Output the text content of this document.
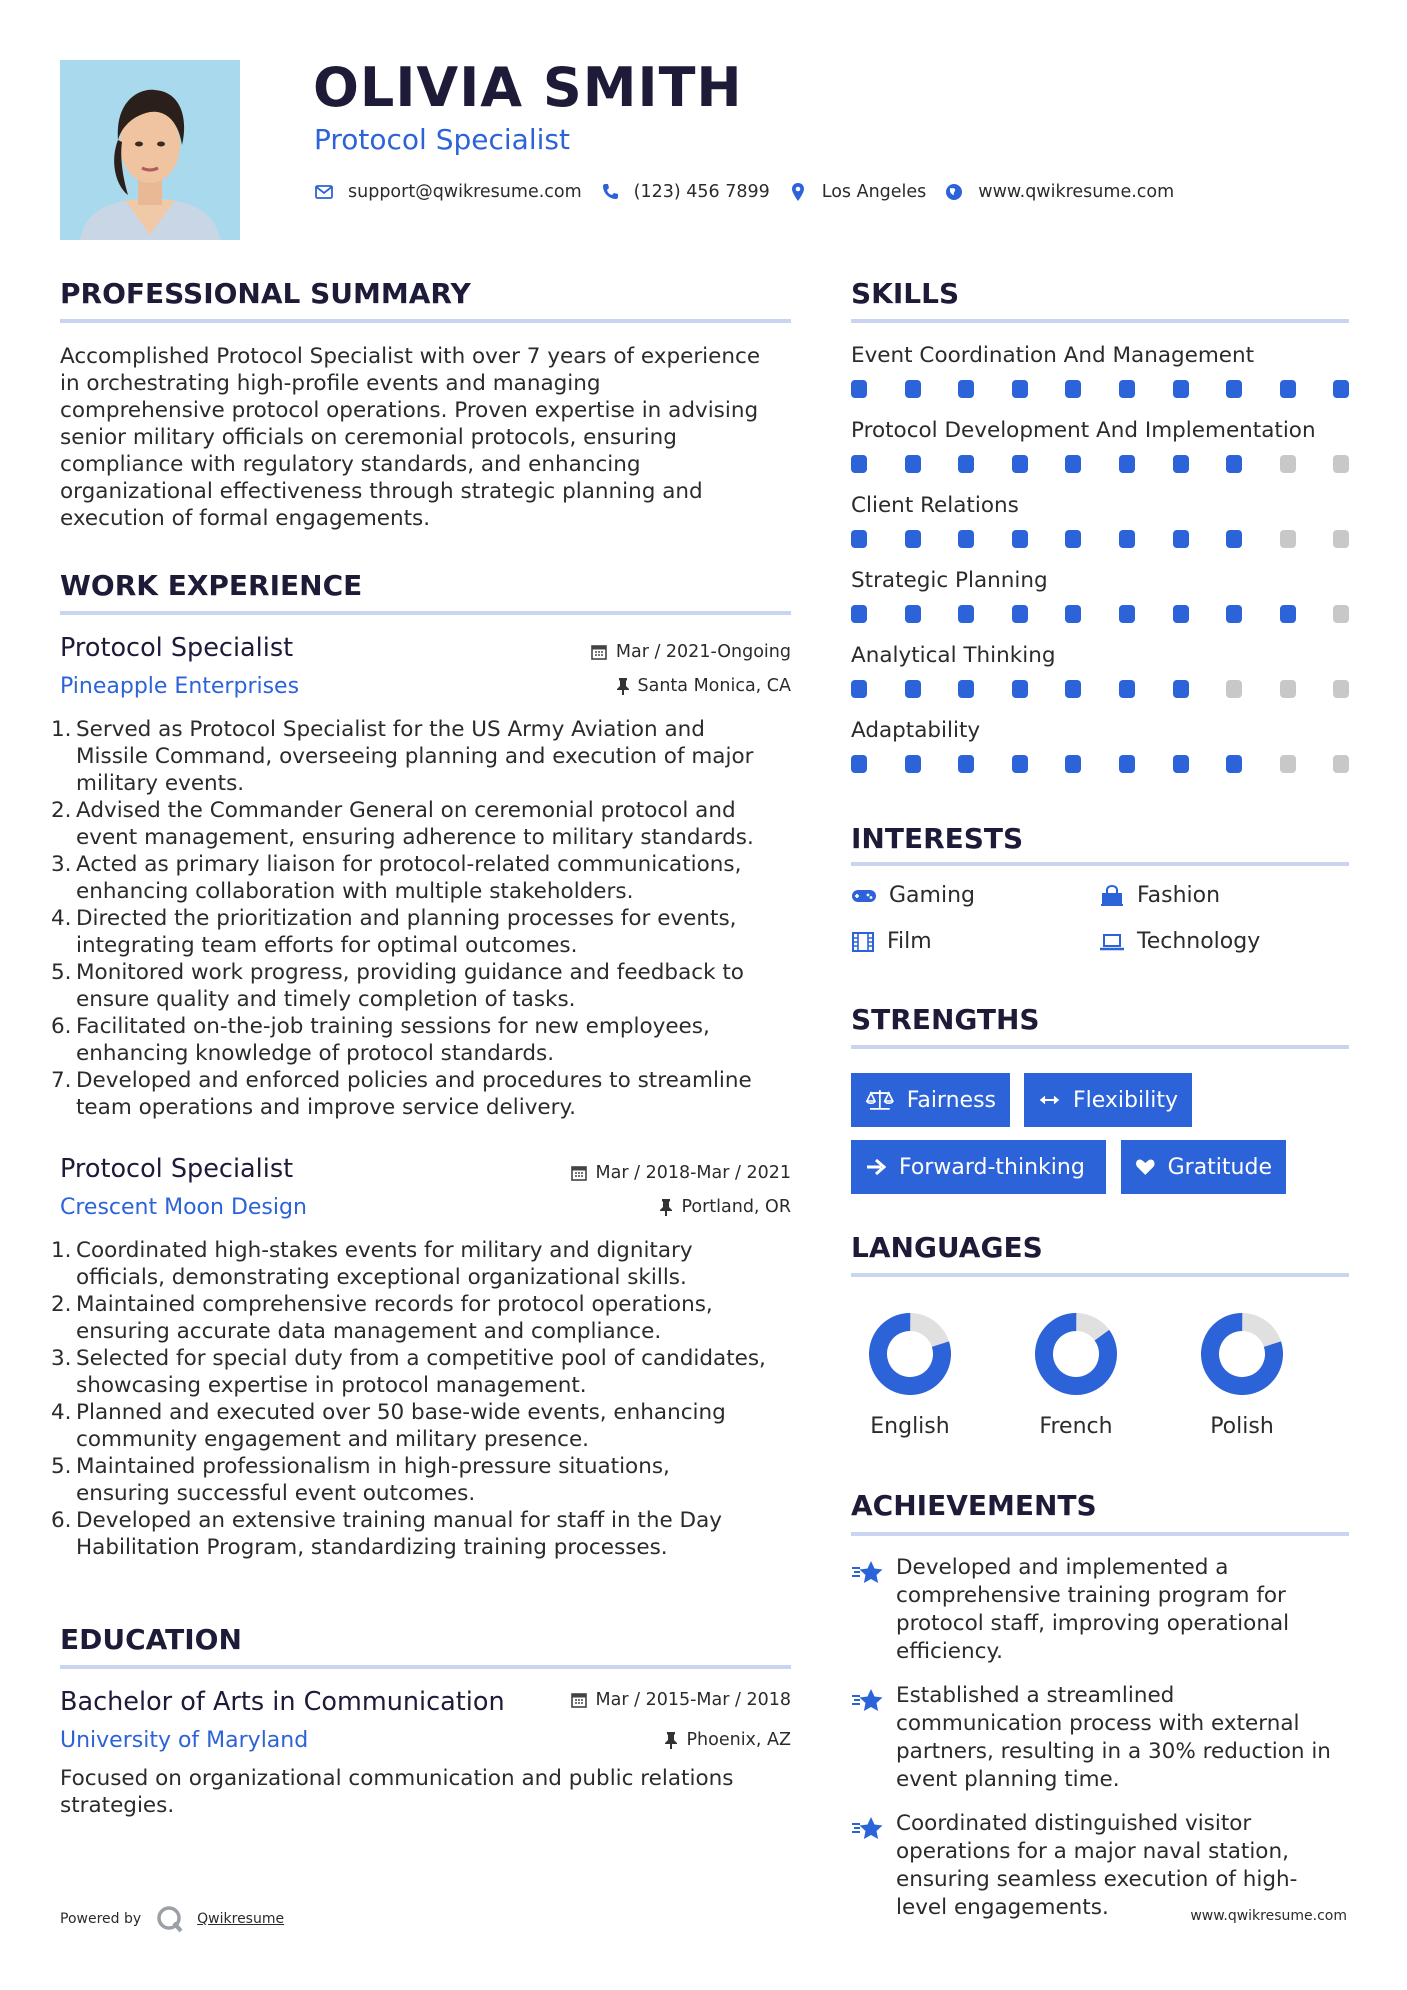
OLIVIA SMITH
Protocol Specialist
support@qwikresume.com	(123) 456 7899	Los Angeles	www.qwikresume.com
PROFESSIONAL SUMMARY
Accomplished Protocol Specialist with over 7 years of experience
in orchestrating high-profile events and managing
comprehensive protocol operations. Proven expertise in advising
senior military officials on ceremonial protocols, ensuring
compliance with regulatory standards, and enhancing
organizational effectiveness through strategic planning and
execution of formal engagements.
WORK EXPERIENCE
Protocol Specialist	Mar / 2021-Ongoing
Pineapple Enterprises	Santa Monica, CA
1. Served as Protocol Specialist for the US Army Aviation and
Missile Command, overseeing planning and execution of major
military events.
2. Advised the Commander General on ceremonial protocol and
event management, ensuring adherence to military standards.
3. Acted as primary liaison for protocol-related communications,
enhancing collaboration with multiple stakeholders.
4. Directed the prioritization and planning processes for events,
integrating team efforts for optimal outcomes.
5. Monitored work progress, providing guidance and feedback to
ensure quality and timely completion of tasks.
6. Facilitated on-the-job training sessions for new employees,
enhancing knowledge of protocol standards.
7. Developed and enforced policies and procedures to streamline
team operations and improve service delivery.
Protocol Specialist	Mar / 2018-Mar / 2021
Crescent Moon Design	Portland, OR
1. Coordinated high-stakes events for military and dignitary
officials, demonstrating exceptional organizational skills.
2. Maintained comprehensive records for protocol operations,
ensuring accurate data management and compliance.
3. Selected for special duty from a competitive pool of candidates,
showcasing expertise in protocol management.
4. Planned and executed over 50 base-wide events, enhancing
community engagement and military presence.
5. Maintained professionalism in high-pressure situations,
ensuring successful event outcomes.
6. Developed an extensive training manual for staff in the Day
Habilitation Program, standardizing training processes.
EDUCATION
Bachelor of Arts in Communication	Mar / 2015-Mar / 2018
University of Maryland	Phoenix, AZ
Focused on organizational communication and public relations
strategies.
Powered by	Qwikresume
SKILLS
Event Coordination And Management
Protocol Development And Implementation
Client Relations
Strategic Planning
Analytical Thinking
Adaptability
INTERESTS
Gaming	Fashion
Film	Technology
STRENGTHS
Fairness	Flexibility
Forward-thinking	Gratitude
LANGUAGES
English	French	Polish
ACHIEVEMENTS
Developed and implemented a
comprehensive training program for
protocol staff, improving operational
efficiency.
Established a streamlined
communication process with external
partners, resulting in a 30% reduction in
event planning time.
Coordinated distinguished visitor
operations for a major naval station,
ensuring seamless execution of high-
level engagements.	www.qwikresume.com
